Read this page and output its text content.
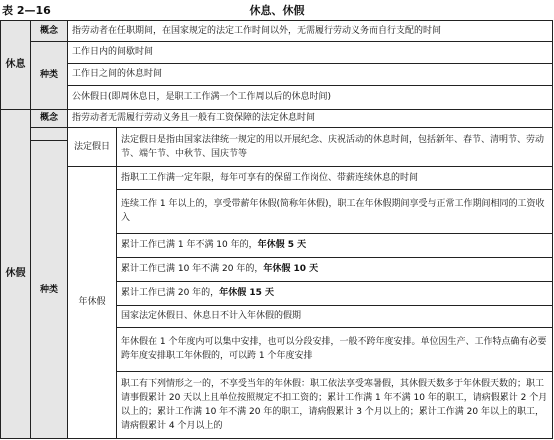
表 2—16	休息、休假
休息	概念	指劳动者在任职期间，在国家规定的法定工作时间以外，无需履行劳动义务而自行支配的时间	
	种类	工作日内的间歇时间	
		工作日之间的休息时间	
		公休假日(即周休息日，是职工工作满一个工作周以后的休息时间)	
休假	概念	指劳动者无需履行劳动义务且一般有工资保障的法定休息时间	
		法定假日	法定假日是指由国家法律统一规定的用以开展纪念、庆祝活动的休息时间，包括新年、春节、清明节、劳动节、端午节、中秋节、国庆节等
	种类		
		年休假	指职工工作满一定年限，每年可享有的保留工作岗位、带薪连续休息的时间
			连续工作 1 年以上的，享受带薪年休假(简称年休假)，职工在年休假期间享受与正常工作期间相同的工资收入
			累计工作已满 1 年不满 10 年的，年休假 5 天
			累计工作已满 10 年不满 20 年的，年休假 10 天
			累计工作已满 20 年的，年休假 15 天
			国家法定休假日、休息日不计入年休假的假期
			年休假在 1 个年度内可以集中安排，也可以分段安排，一般不跨年度安排。单位因生产、工作特点确有必要跨年度安排职工年休假的，可以跨 1 个年度安排
			职工有下列情形之一的，不享受当年的年休假：职工依法享受寒暑假，其休假天数多于年休假天数的；职工请事假累计 20 天以上且单位按照规定不扣工资的；累计工作满 1 年不满 10 年的职工，请病假累计 2 个月以上的；累计工作满 10 年不满 20 年的职工，请病假累计 3 个月以上的；累计工作满 20 年以上的职工，请病假累计 4 个月以上的
